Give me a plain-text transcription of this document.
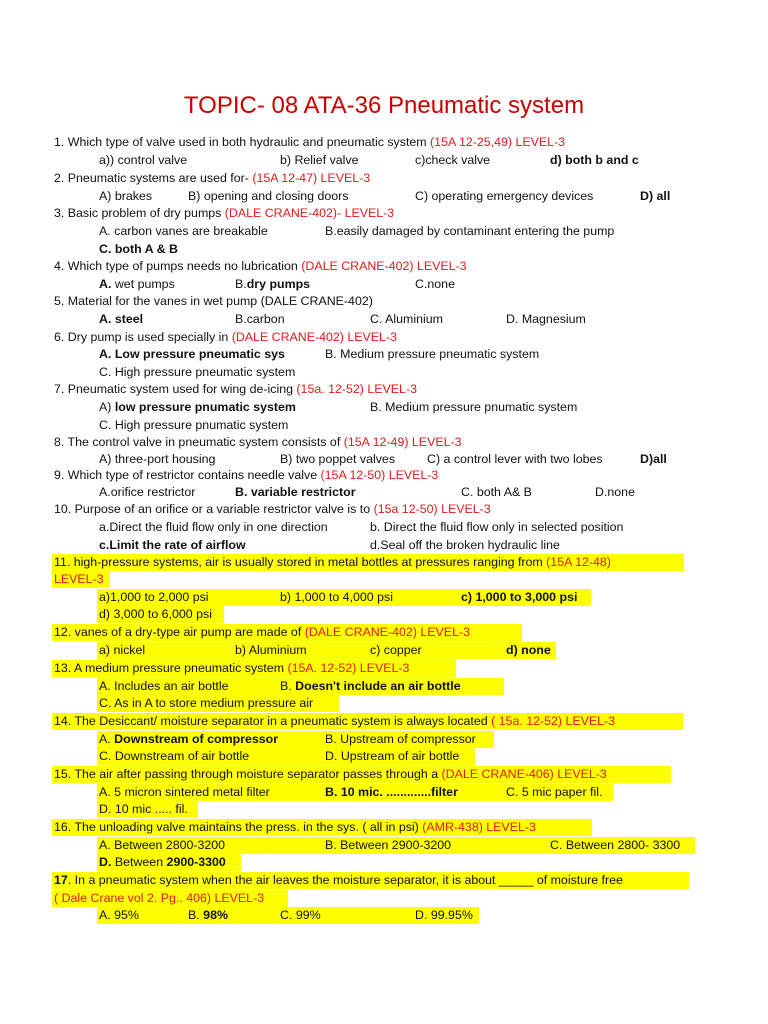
TOPIC- 08 ATA-36 Pneumatic system
1. Which type of valve used in both hydraulic and pneumatic system (15A 12-25,49) LEVEL-3
a)) control valve	b) Relief valve	c)check valve	d) both b and c
2. Pneumatic systems are used for- (15A 12-47) LEVEL-3
A) brakes	B) opening and closing doors	C) operating emergency devices	D) all
3. Basic problem of dry pumps (DALE CRANE-402)- LEVEL-3
A. carbon vanes are breakable	B.easily damaged by contaminant entering the pump
C. both A & B
4. Which type of pumps needs no lubrication (DALE CRANE-402) LEVEL-3
A. wet pumps	B.dry pumps	C.none
5. Material for the vanes in wet pump (DALE CRANE-402)
A. steel	B.carbon	C. Aluminium	D. Magnesium
6. Dry pump is used specially in (DALE CRANE-402) LEVEL-3
A. Low pressure pneumatic sys	B. Medium pressure pneumatic system
C. High pressure pneumatic system
7. Pneumatic system used for wing de-icing (15a. 12-52) LEVEL-3
A) low pressure pnumatic system	B. Medium pressure pnumatic system
C. High pressure pnumatic system
8. The control valve in pneumatic system consists of (15A 12-49) LEVEL-3
A) three-port housing	B) two poppet valves	C) a control lever with two lobes	D)all
9. Which type of restrictor contains needle valve (15A 12-50) LEVEL-3
A.orifice restrictor	B. variable restrictor	C. both A& B	D.none
10. Purpose of an orifice or a variable restrictor valve is to (15a 12-50) LEVEL-3
a.Direct the fluid flow only in one direction	b. Direct the fluid flow only in selected position
c.Limit the rate of airflow	d.Seal off the broken hydraulic line
11. high-pressure systems, air is usually stored in metal bottles at pressures ranging from (15A 12-48)
LEVEL-3
a)1,000 to 2,000 psi	b) 1,000 to 4,000 psi	c) 1,000 to 3,000 psi
d) 3,000 to 6,000 psi
12. vanes of a dry-type air pump are made of (DALE CRANE-402) LEVEL-3
a) nickel	b) Aluminium	c) copper	d) none
13. A medium pressure pneumatic system (15A. 12-52) LEVEL-3
A. Includes an air bottle	B. Doesn't include an air bottle
C. As in A to store medium pressure air
14. The Desiccant/ moisture separator in a pneumatic system is always located ( 15a. 12-52) LEVEL-3
A. Downstream of compressor	B. Upstream of compressor
C. Downstream of air bottle	D. Upstream of air bottle
15. The air after passing through moisture separator passes through a (DALE CRANE-406) LEVEL-3
A. 5 micron sintered metal filter	B. 10 mic. .............filter	C. 5 mic paper fil.
D. 10 mic ..... fil.
16. The unloading valve maintains the press. in the sys. ( all in psi) (AMR-438) LEVEL-3
A. Between 2800-3200	B. Between 2900-3200	C. Between 2800- 3300
D. Between 2900-3300
17. In a pneumatic system when the air leaves the moisture separator, it is about _____ of moisture free
( Dale Crane vol 2. Pg.. 406) LEVEL-3
A. 95%	B. 98%	C. 99%	D. 99.95%
